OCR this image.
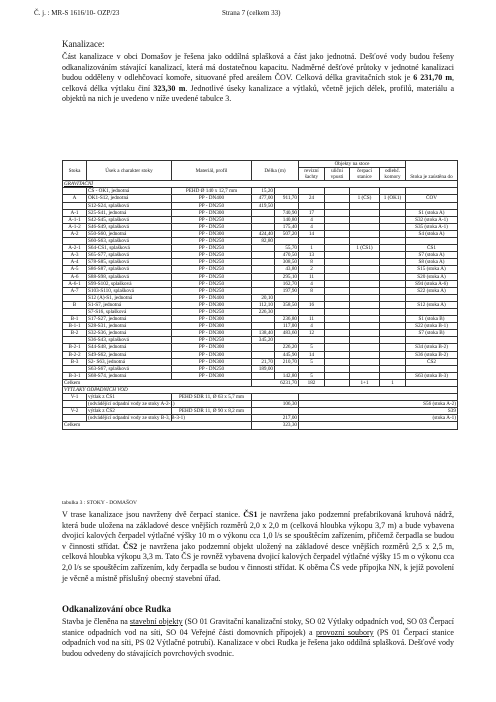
Č. j. : MR-S 1616/10- OZP/23	Strana 7 (celkem 33)
Kanalizace:
Část kanalizace v obci Domašov je řešena jako oddílná splašková a část jako jednotná. Dešťové vody budou řešeny odkanalizováním stávající kanalizací, která má dostatečnou kapacitu. Nadměrné dešťové průtoky v jednotné kanalizaci budou odděleny v odlehčovací komoře, situované před areálem ČOV. Celková délka gravitačních stok je 6 231,70 m, celková délka výtlaku činí 323,30 m. Jednotlivé úseky kanalizace a výtlaků, včetně jejich délek, profilů, materiálu a objektů na nich je uvedeno v níže uvedené tabulce 3.
Stoka	Úsek a charakter stoky	Materiál, profil	Délka (m)		Objekty na stoce				Stoka je zaústěna do
					revizní šachty	uliční vpusti	čerpací stanice	odlehč. komory	
GRAVITAČNÍ									
	ČS - OK1, jednotná	PEHD Ø 140 x 12,7 mm	15,20						
A	OK1-S12, jednotná	PP - DN400	477,00	911,70	24		1 (ČS)	1 (OK1)	ČOV
	S12-S24, splašková	PP - DN250	419,50						
A-1	S25-S41, jednotná	PP - DN300		740,90	17				S1 (stoka A)
A-1-1	S42-S45, splašková	PP - DN250		140,80	4				S32 (stoka A-1)
A-1-2	S46-S49, splašková	PP - DN250		175,40	4				S35 (stoka A-1)
A-2	S50-S60, jednotná	PP - DN300	424,40	507,20	14				S4 (stoka A)
	S60-S63, splašková	PP - DN250	82,80						
A-2-1	S64-CS1, splašková	PP - DN250		55,70	1		1 (ČS1)		ČS1
A-3	S65-S77, splašková	PP - DN250		470,50	13				S7 (stoka A)
A-4	S78-S85, splašková	PP - DN250		308,50	8				S8 (stoka A)
A-5	S86-S87, splašková	PP - DN250		43,80	2				S15 (stoka A)
A-6	S88-S98, splašková	PP - DN250		295,10	11				S20 (stoka A)
A-6-1	S99-S102, splašková	PP - DN250		162,70	4				S94 (stoka A-6)
A-7	S103-S110, splašková	PP - DN250		197,90	8				S22 (stoka A)
	S12 (A)-S1, jednotná	PP - DN400	20,10						
B	S1-S7, jednotná	PP - DN300	112,10	358,50	16				S12 (stoka A)
	S7-S16, splašková	PP - DN250	226,30						
B-1	S17-S27, jednotná	PP - DN300		236,80	11				S1 (stoka B)
B-1-1	S28-S31, jednotná	PP - DN300		117,00	4				S22 (stoka B-1)
B-2	S32-S36, jednotná	PP - DN300	138,40	483,60	12				S7 (stoka B)
	S36-S43, splašková	PP - DN250	345,20						
B-2-1	S44-S48, jednotná	PP - DN300		226,20	5				S34 (stoka B-2)
B-2-2	S49-S62, jednotná	PP - DN300		445,90	14				S36 (stoka B-2)
B-3	S2- S63, jednotná	PP - DN300	21,70	210,70	5				ČS2
	S63-S67, splašková	PP - DN250	189,00						
B-3-1	S68-S74, jednotná	PP - DN300		142,80	5				S63 (stoka B-3)
Celkem			6231,70		182		1+1	1	
VÝTLAKY ODPADNÍCH VOD									
V-1	výtlak z ČS1	PEHD SDR 11, Ø 63 x 5,7 mm							
	(odvádějící odpadní vody ze stoky A-2-1)		106,30		S56 (stoka A-2)				
V-2	výtlak z ČS2	PEHD SDR 11, Ø 90 x 8,2 mm			S39				
	(odvádějící odpadní vody ze stoky B-3, B-3-1)		217,00		(stoka A-1)				
Celkem			323,30						
tabulka 3 : STOKY - DOMAŠOV
V trase kanalizace jsou navrženy dvě čerpací stanice. ČS1 je navržena jako podzemní prefabrikovaná kruhová nádrž, která bude uložena na základové desce vnějších rozměrů 2,0 x 2,0 m (celková hloubka výkopu 3,7 m) a bude vybavena dvojicí kalových čerpadel výtlačné výšky 10 m o výkonu cca 1,0 l/s se spouštěcím zařízením, přičemž čerpadla se budou v činnosti střídat. ČS2 je navržena jako podzemní objekt uložený na základové desce vnějších rozměrů 2,5 x 2,5 m, celková hloubka výkopu 3,3 m. Tato ČS je rovněž vybavena dvojicí kalových čerpadel výtlačné výšky 15 m o výkonu cca 2,0 l/s se spouštěcím zařízením, kdy čerpadla se budou v činnosti střídat. K oběma ČS vede přípojka NN, k jejíž povolení je věcně a místně příslušný obecný stavební úřad.
Odkanalizování obce Rudka
Stavba je členěna na stavební objekty (SO 01 Gravitační kanalizační stoky, SO 02 Výtlaky odpadních vod, SO 03 Čerpací stanice odpadních vod na síti, SO 04 Veřejné části domovních přípojek) a provozní soubory (PS 01 Čerpací stanice odpadních vod na síti, PS 02 Výtlačné potrubí). Kanalizace v obci Rudka je řešena jako oddílná splašková. Dešťové vody budou odvedeny do stávajících povrchových svodnic.
